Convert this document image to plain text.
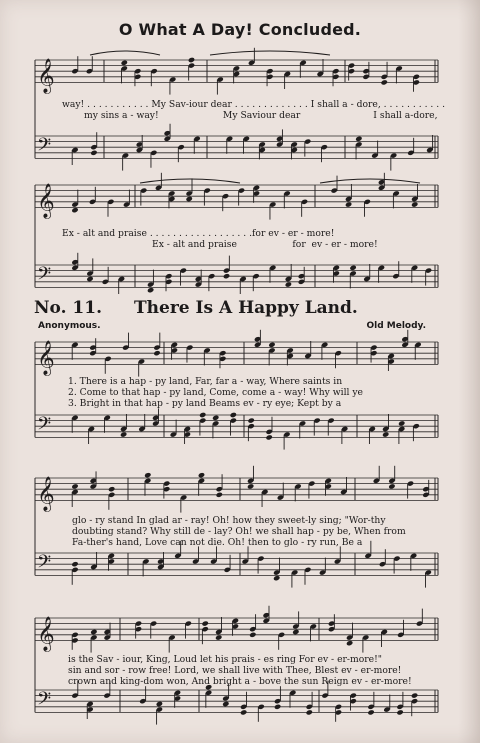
O What A Day! Concluded.
𝄞
𝄢
𝄞
𝄢
𝄞
𝄢
𝄞
𝄢
𝄞
𝄢
way! . . . . . . . . . . . My Sav-iour dear . . . . . . . . . . . . . I shall a - dore, . . . . . . . . . . .
my sins a - way!                      My Saviour dear                         I shall a-dore,
Ex - alt and praise . . . . . . . . . . . . . . . . . .for ev - er - more!
Ex - alt and praise                   for  ev - er - more!
No. 11. There Is A Happy Land.
Anonymous.	Old Melody.
1. There is a hap - py land, Far, far a - way, Where saints in
2. Come to that hap - py land, Come, come a - way! Why will ye
3. Bright in that hap - py land Beams ev - ry eye; Kept by a
glo - ry stand In glad ar - ray! Oh! how they sweet-ly sing; "Wor-thy
doubting stand? Why still de - lay? Oh! we shall hap - py be, When from
Fa-ther's hand, Love can not die. Oh! then to glo - ry run, Be a
is the Sav - iour, King, Loud let his prais - es ring For ev - er-more!"
sin and sor - row free! Lord, we shall live with Thee, Blest ev - er-more!
crown and king-dom won, And bright a - bove the sun Reign ev - er-more!
